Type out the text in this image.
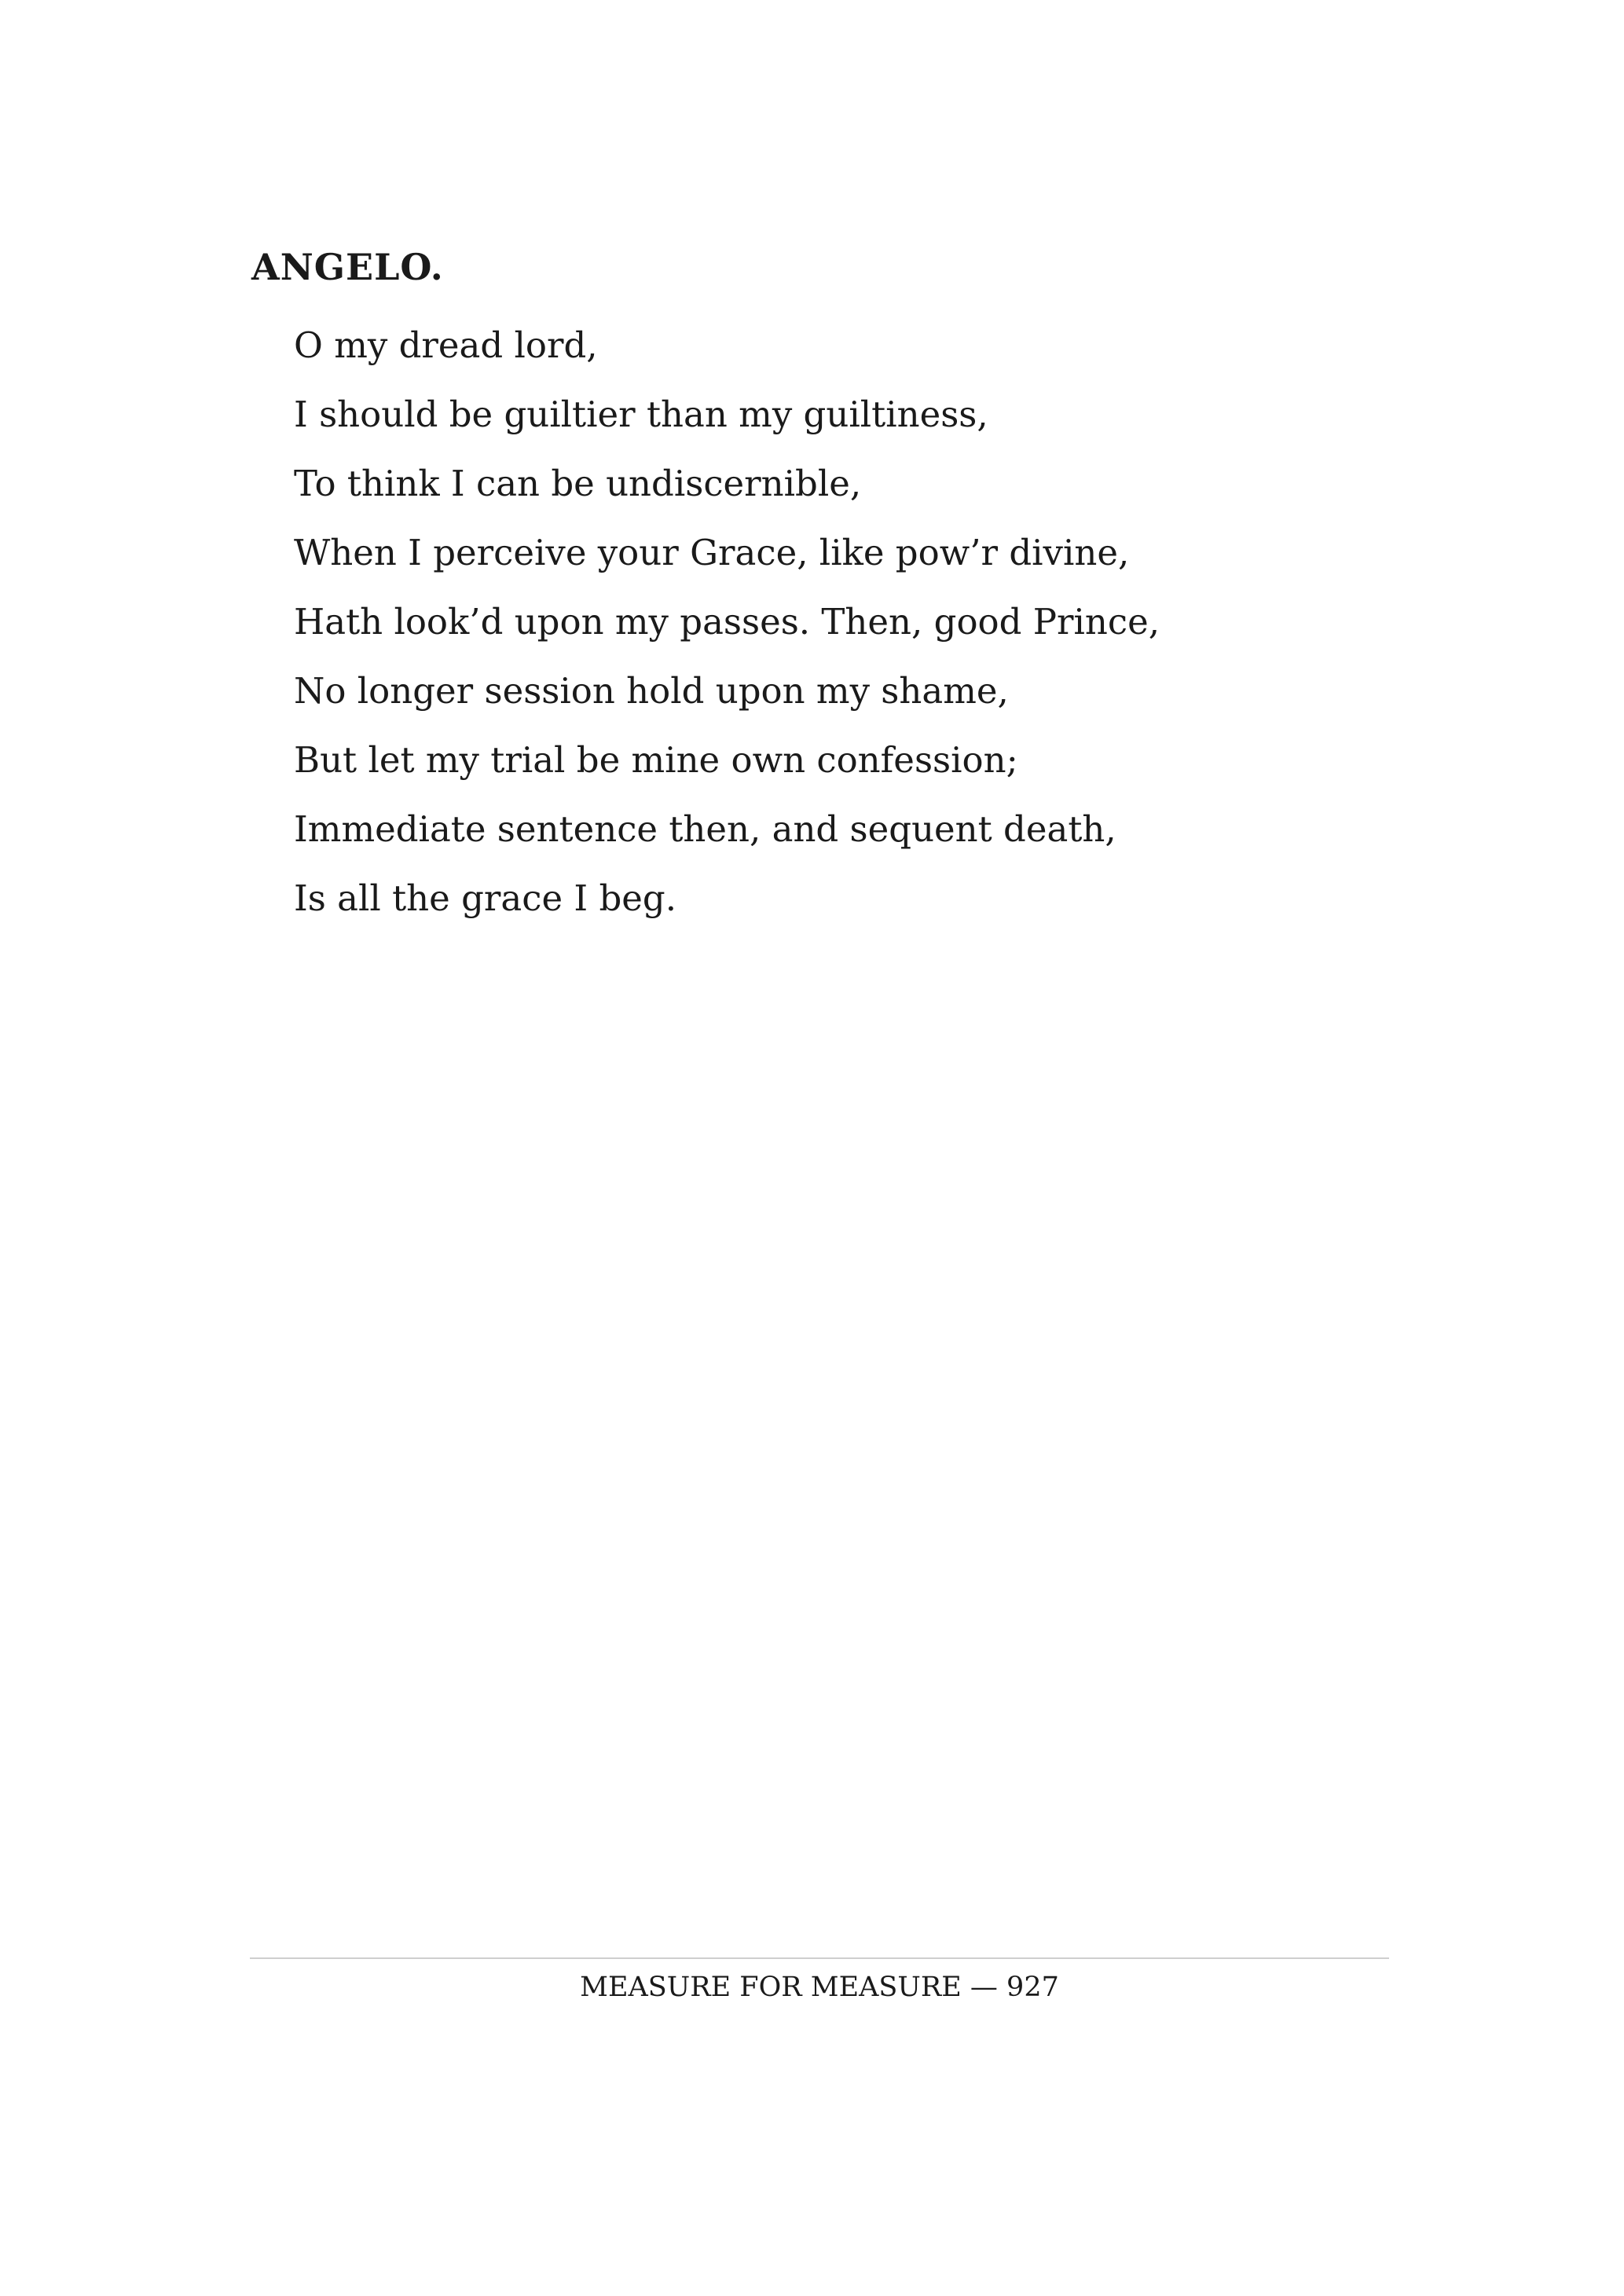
ANGELO.
O my dread lord,
I should be guiltier than my guiltiness,
To think I can be undiscernible,
When I perceive your Grace, like pow’r divine,
Hath look’d upon my passes. Then, good Prince,
No longer session hold upon my shame,
But let my trial be mine own confession;
Immediate sentence then, and sequent death,
Is all the grace I beg.
MEASURE FOR MEASURE — 927
